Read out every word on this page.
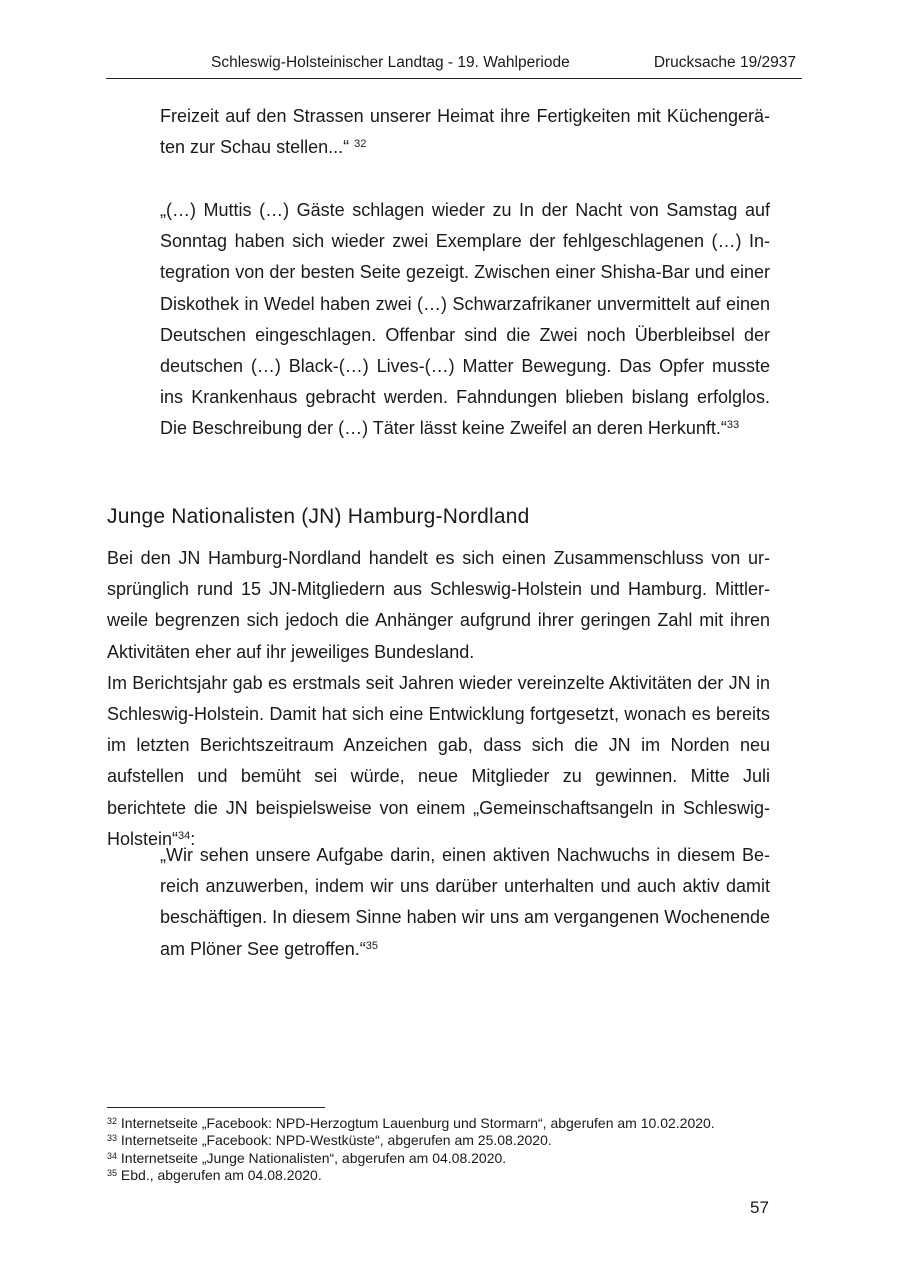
Schleswig-Holsteinischer Landtag - 19. Wahlperiode	Drucksache 19/2937

Freizeit auf den Strassen unserer Heimat ihre Fertigkeiten mit Küchengeräten zur Schau stellen...“ $^{32}$

„(…) Muttis (…) Gäste schlagen wieder zu In der Nacht von Samstag auf Sonntag haben sich wieder zwei Exemplare der fehlgeschlagenen (…) Integration von der besten Seite gezeigt. Zwischen einer Shisha-Bar und einer Diskothek in Wedel haben zwei (…) Schwarzafrikaner unvermittelt auf einen Deutschen eingeschlagen. Offenbar sind die Zwei noch Überbleibsel der deutschen (…) Black-(…) Lives-(…) Matter Bewegung. Das Opfer musste ins Krankenhaus gebracht werden. Fahndungen blieben bislang erfolglos. Die Beschreibung der (…) Täter lässt keine Zweifel an deren Herkunft.“$^{33}$

Junge Nationalisten (JN) Hamburg-Nordland

Bei den JN Hamburg-Nordland handelt es sich einen Zusammenschluss von ursprünglich rund 15 JN-Mitgliedern aus Schleswig-Holstein und Hamburg. Mittlerweile begrenzen sich jedoch die Anhänger aufgrund ihrer geringen Zahl mit ihren Aktivitäten eher auf ihr jeweiliges Bundesland.

Im Berichtsjahr gab es erstmals seit Jahren wieder vereinzelte Aktivitäten der JN in Schleswig-Holstein. Damit hat sich eine Entwicklung fortgesetzt, wonach es bereits im letzten Berichtszeitraum Anzeichen gab, dass sich die JN im Norden neu aufstellen und bemüht sei würde, neue Mitglieder zu gewinnen. Mitte Juli berichtete die JN beispielsweise von einem „Gemeinschaftsangeln in Schleswig-Holstein“$^{34}$:

„Wir sehen unsere Aufgabe darin, einen aktiven Nachwuchs in diesem Bereich anzuwerben, indem wir uns darüber unterhalten und auch aktiv damit beschäftigen. In diesem Sinne haben wir uns am vergangenen Wochenende am Plöner See getroffen.“$^{35}$

$^{32}$ Internetseite „Facebook: NPD-Herzogtum Lauenburg und Stormarn“, abgerufen am 10.02.2020.
$^{33}$ Internetseite „Facebook: NPD-Westküste“, abgerufen am 25.08.2020.
$^{34}$ Internetseite „Junge Nationalisten“, abgerufen am 04.08.2020.
$^{35}$ Ebd., abgerufen am 04.08.2020.
57
